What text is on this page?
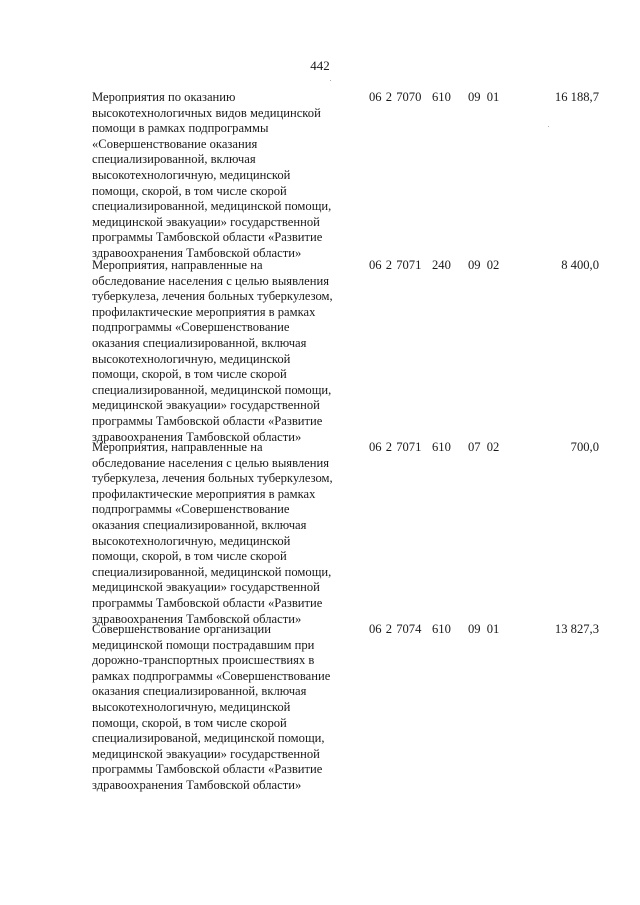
442
Мероприятия по оказанию
высокотехнологичных видов медицинской
помощи в рамках подпрограммы
«Совершенствование оказания
специализированной, включая
высокотехнологичную, медицинской
помощи, скорой, в том числе скорой
специализированной, медицинской помощи,
медицинской эвакуации» государственной
программы Тамбовской области «Развитие
здравоохранения Тамбовской области»
06 2 7070 610 09 01	16 188,7
Мероприятия, направленные на
обследование населения с целью выявления
туберкулеза, лечения больных туберкулезом,
профилактические мероприятия в рамках
подпрограммы «Совершенствование
оказания специализированной, включая
высокотехнологичную, медицинской
помощи, скорой, в том числе скорой
специализированной, медицинской помощи,
медицинской эвакуации» государственной
программы Тамбовской области «Развитие
здравоохранения Тамбовской области»
06 2 7071 240 09 02	8 400,0
Мероприятия, направленные на
обследование населения с целью выявления
туберкулеза, лечения больных туберкулезом,
профилактические мероприятия в рамках
подпрограммы «Совершенствование
оказания специализированной, включая
высокотехнологичную, медицинской
помощи, скорой, в том числе скорой
специализированной, медицинской помощи,
медицинской эвакуации» государственной
программы Тамбовской области «Развитие
здравоохранения Тамбовской области»
06 2 7071 610 07 02	700,0
Совершенствование организации
медицинской помощи пострадавшим при
дорожно-транспортных происшествиях в
рамках подпрограммы «Совершенствование
оказания специализированной, включая
высокотехнологичную, медицинской
помощи, скорой, в том числе скорой
специализированой, медицинской помощи,
медицинской эвакуации» государственной
программы Тамбовской области «Развитие
здравоохранения Тамбовской области»
06 2 7074 610 09 01	13 827,3
